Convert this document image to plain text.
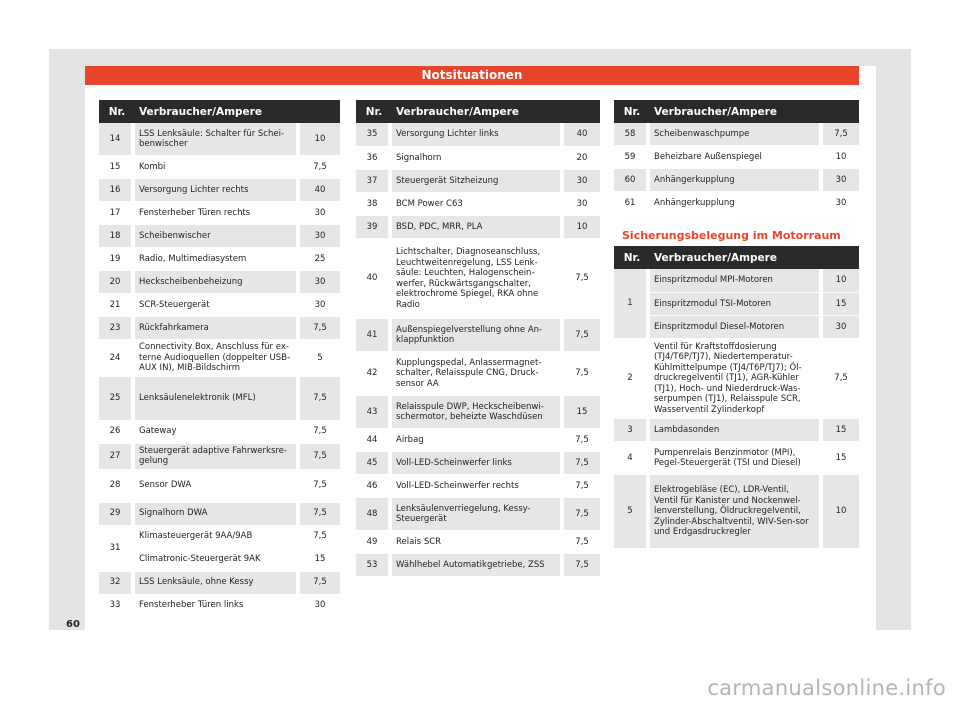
Notsituationen
Nr.	Verbraucher/Ampere	
14	LSS Lenksäule: Schalter für Schei-benwischer	10
15	Kombi	7,5
16	Versorgung Lichter rechts	40
17	Fensterheber Türen rechts	30
18	Scheibenwischer	30
19	Radio, Multimediasystem	25
20	Heckscheibenbeheizung	30
21	SCR-Steuergerät	30
23	Rückfahrkamera	7,5
24	Connectivity Box, Anschluss für ex-terne Audioquellen (doppelter USB-AUX IN), MIB-Bildschirm	5
25	Lenksäulenelektronik (MFL)	7,5
26	Gateway	7,5
27	Steuergerät adaptive Fahrwerksre-gelung	7,5
28	Sensor DWA	7,5
29	Signalhorn DWA	7,5
31	Klimasteuergerät 9AA/9AB	7,5
	Climatronic-Steuergerät 9AK	15
32	LSS Lenksäule, ohne Kessy	7,5
33	Fensterheber Türen links	30
Nr.	Verbraucher/Ampere	
35	Versorgung Lichter links	40
36	Signalhorn	20
37	Steuergerät Sitzheizung	30
38	BCM Power C63	30
39	BSD, PDC, MRR, PLA	10
40	Lichtschalter, Diagnoseanschluss, Leuchtweitenregelung, LSS Lenk-säule: Leuchten, Halogenschein-werfer, Rückwärtsgangschalter, elektrochrome Spiegel, RKA ohne Radio	7,5
41	Außenspiegelverstellung ohne An-klappfunktion	7,5
42	Kupplungspedal, Anlassermagnet-schalter, Relaisspule CNG, Druck-sensor AA	7,5
43	Relaisspule DWP, Heckscheibenwi-schermotor, beheizte Waschdüsen	15
44	Airbag	7,5
45	Voll-LED-Scheinwerfer links	7,5
46	Voll-LED-Scheinwerfer rechts	7,5
48	Lenksäulenverriegelung, Kessy-Steuergerät	7,5
49	Relais SCR	7,5
53	Wählhebel Automatikgetriebe, ZSS	7,5
Nr.	Verbraucher/Ampere	
58	Scheibenwaschpumpe	7,5
59	Beheizbare Außenspiegel	10
60	Anhängerkupplung	30
61	Anhängerkupplung	30
Sicherungsbelegung im Motorraum
Nr.	Verbraucher/Ampere	
1	Einspritzmodul MPI-Motoren	10
	Einspritzmodul TSI-Motoren	15
	Einspritzmodul Diesel-Motoren	30
2	Ventil für Kraftstoffdosierung (TJ4/T6P/TJ7), Niedertemperatur-Kühlmittelpumpe (TJ4/T6P/TJ7); Öl-druckregelventil (TJ1), AGR-Kühler (TJ1), Hoch- und Niederdruck-Was-serpumpen (TJ1), Relaisspule SCR, Wasserventil Zylinderkopf	7,5
3	Lambdasonden	15
4	Pumpenrelais Benzinmotor (MPI), Pegel-Steuergerät (TSI und Diesel)	15
5	Elektrogebläse (EC), LDR-Ventil, Ventil für Kanister und Nockenwel-lenverstellung, Öldruckregelventil, Zylinder-Abschaltventil, WIV-Sen-sor und Erdgasdruckregler	10
60
carmanualsonline.info
